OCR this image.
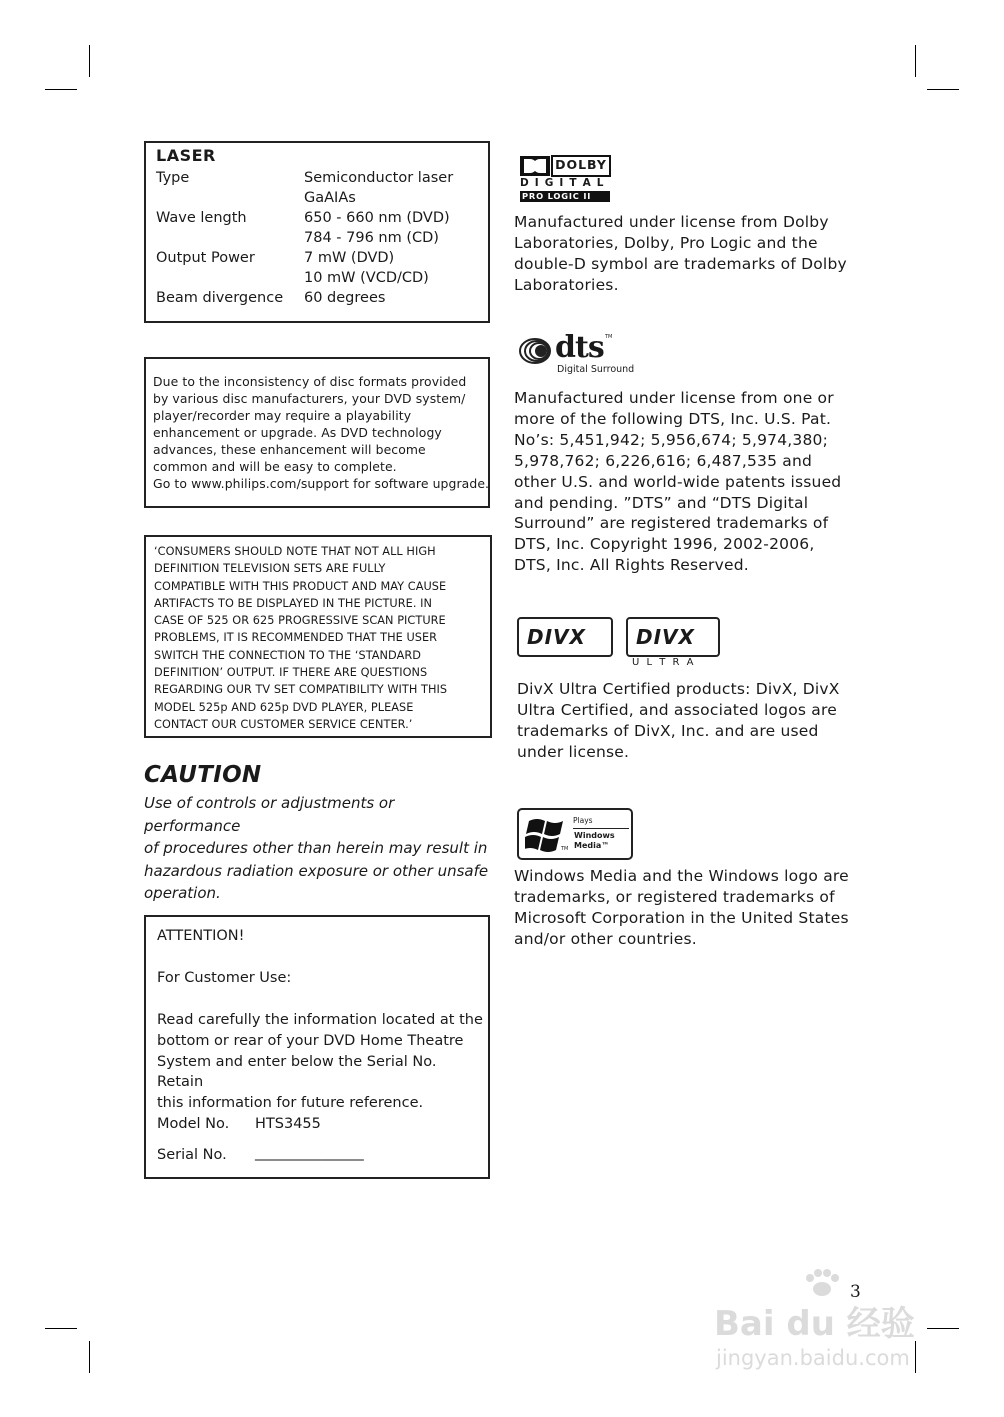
LASER
Type	Semiconductor laser
GaAIAs
Wave length	650 - 660 nm (DVD)
784 - 796 nm (CD)
Output Power	7 mW (DVD)
10 mW (VCD/CD)
Beam divergence 60 degrees
Due to the inconsistency of disc formats provided
by various disc manufacturers, your DVD system/
player/recorder may require a playability
enhancement or upgrade. As DVD technology
advances, these enhancement will become
common and will be easy to complete.
Go to www.philips.com/support for software upgrade.
‘CONSUMERS SHOULD NOTE THAT NOT ALL HIGH
DEFINITION TELEVISION SETS ARE FULLY
COMPATIBLE WITH THIS PRODUCT AND MAY CAUSE
ARTIFACTS TO BE DISPLAYED IN THE PICTURE. IN
CASE OF 525 OR 625 PROGRESSIVE SCAN PICTURE
PROBLEMS, IT IS RECOMMENDED THAT THE USER
SWITCH THE CONNECTION TO THE ‘STANDARD
DEFINITION’ OUTPUT. IF THERE ARE QUESTIONS
REGARDING OUR TV SET COMPATIBILITY WITH THIS
MODEL 525p AND 625p DVD PLAYER, PLEASE
CONTACT OUR CUSTOMER SERVICE CENTER.’
CAUTION
Use of controls or adjustments or performance
of procedures other than herein may result in
hazardous radiation exposure or other unsafe
operation.
ATTENTION!
For Customer Use:
Read carefully the information located at the
bottom or rear of your DVD Home Theatre
System and enter below the Serial No. Retain
this information for future reference.
Model No. HTS3455
Serial No. _______________
DOLBY
D I G I T A L
PRO LOGIC II
Manufactured under license from Dolby
Laboratories, Dolby, Pro Logic and the
double-D symbol are trademarks of Dolby
Laboratories.
dts TM
Digital Surround
Manufactured under license from one or
more of the following DTS, Inc. U.S. Pat.
No’s: 5,451,942; 5,956,674; 5,974,380;
5,978,762; 6,226,616; 6,487,535 and
other U.S. and world-wide patents issued
and pending. ”DTS” and “DTS Digital
Surround” are registered trademarks of
DTS, Inc. Copyright 1996, 2002-2006,
DTS, Inc. All Rights Reserved.
DIVX	DIVX
U L T R A
DivX Ultra Certified products: DivX, DivX
Ultra Certified, and associated logos are
trademarks of DivX, Inc. and are used
under license.
TM
Plays
Windows
Media™
Windows Media and the Windows logo are
trademarks, or registered trademarks of
Microsoft Corporation in the United States
and/or other countries.
3
Bai du 经验
jingyan.baidu.com
